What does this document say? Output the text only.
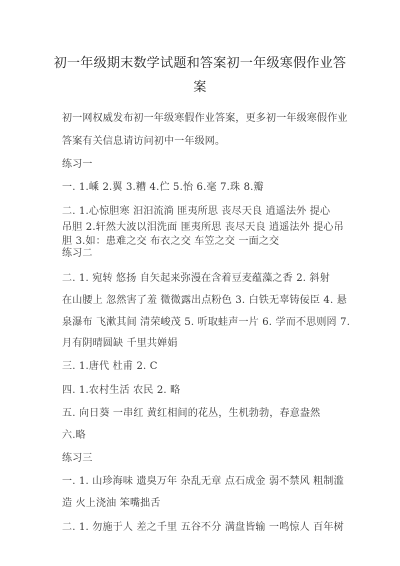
初一年级期末数学试题和答案初一年级寒假作业答案
初一网权威发布初一年级寒假作业答案，更多初一年级寒假作业
答案有关信息请访问初中一年级网。
练习一
一. 1.嵊 2.翼 3.糟 4.伫 5.怡 6.毫 7.珠 8.瓣
二. 1.心惊胆寒 汩汩流淌 匪夷所思 丧尽天良 逍遥法外 提心
吊胆 2.轩然大波以泪洗面 匪夷所思 丧尽天良 逍遥法外 提心吊胆 3.如：患难之交 布衣之交 车笠之交 一面之交
练习二
二. 1. 宛转 悠扬 自矢起来弥漫在含着豆麦蕴藻之香 2. 斜射
在山腰上 忽然害了羞 微微露出点粉色 3. 白铁无辜铸佞臣 4. 悬
泉瀑布 飞漱其间 清荣峻茂 5. 听取蛙声一片 6. 学而不思则罔 7.
月有阴晴圆缺 千里共婵娟
三. 1.唐代 杜甫 2. C
四. 1.农村生活 农民 2. 略
五. 向日葵 一串红 黄红相间的花丛，生机勃勃，春意盎然
六.略
练习三
一. 1. 山珍海味 遗臭万年 杂乱无章 点石成金 弱不禁风 粗制滥
造 火上浇油 笨嘴拙舌
二. 1. 勿施于人 差之千里 五谷不分 满盘皆输 一鸣惊人 百年树
